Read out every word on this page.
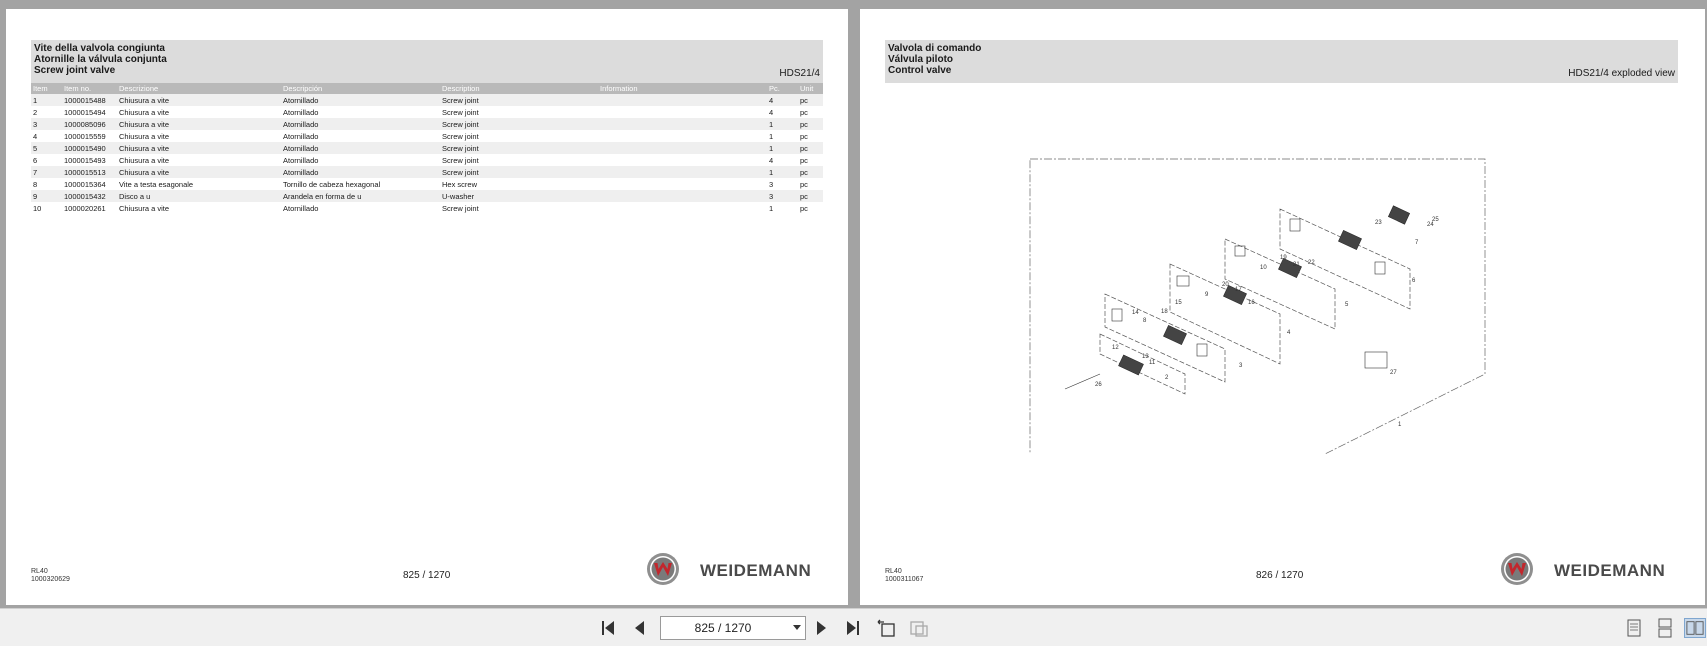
Vite della valvola congiunta
Atornille la válvula conjunta
Screw joint valve	HDS21/4
Item Item no.	Descrizione	Descripción	Description	Information	Pc.	Unit
1	1000015488 Chiusura a vite	Atornillado	Screw joint	4	pc
2	1000015494 Chiusura a vite	Atornillado	Screw joint	4	pc
3	1000085096 Chiusura a vite	Atornillado	Screw joint	1	pc
4	1000015559 Chiusura a vite	Atornillado	Screw joint	1	pc
5	1000015490 Chiusura a vite	Atornillado	Screw joint	1	pc
6	1000015493 Chiusura a vite	Atornillado	Screw joint	4	pc
7	1000015513 Chiusura a vite	Atornillado	Screw joint	1	pc
8	1000015364 Vite a testa esagonale	Tornillo de cabeza hexagonal	Hex screw	3	pc
9	1000015432 Disco a u	Arandela en forma de u	U-washer	3	pc
10	1000020261 Chiusura a vite	Atornillado	Screw joint	1	pc
RL40
1000320629	825 / 1270	WEIDEMANN
Valvola di comando
Válvula piloto
Control valve	HDS21/4 exploded view
1
2
3
4
5
6
7
8
9
10
11
12
13
14
15	16
17
18
19
20
21 22
23	24
25
26
27
RL40
1000311067	826 / 1270	WEIDEMANN
825 / 1270
